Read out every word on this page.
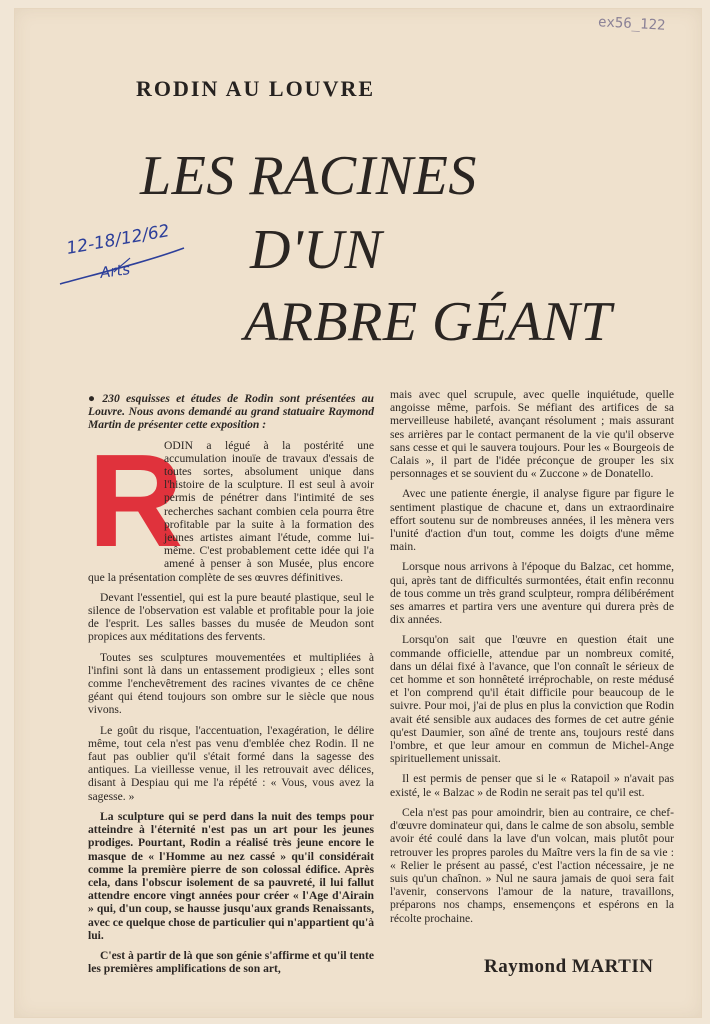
ex56_122
RODIN AU LOUVRE
LES RACINES
D'UN
ARBRE GÉANT
12-18/12/62
Arts

● 230 esquisses et études de Rodin sont présentées au Louvre. Nous avons demandé au grand statuaire Raymond Martin de présenter cette exposition :

R

ODIN a légué à la postérité une accumulation inouïe de travaux d'essais de toutes sortes, absolument unique dans l'histoire de la sculpture. Il est seul à avoir permis de pénétrer dans l'intimité de ses recherches sachant combien cela pourra être profitable par la suite à la formation des jeunes artistes aimant l'étude, comme lui-même. C'est probablement cette idée qui l'a amené à penser à son Musée, plus encore que la présentation complète de ses œuvres définitives.

Devant l'essentiel, qui est la pure beauté plastique, seul le silence de l'observation est valable et profitable pour la joie de l'esprit. Les salles basses du musée de Meudon sont propices aux méditations des fervents.

Toutes ses sculptures mouvementées et multipliées à l'infini sont là dans un entassement prodigieux ; elles sont comme l'enchevêtrement des racines vivantes de ce chêne géant qui étend toujours son ombre sur le siècle que nous vivons.

Le goût du risque, l'accentuation, l'exagération, le délire même, tout cela n'est pas venu d'emblée chez Rodin. Il ne faut pas oublier qu'il s'était formé dans la sagesse des antiques. La vieillesse venue, il les retrouvait avec délices, disant à Despiau qui me l'a répété : « Vous, vous avez la sagesse. »

La sculpture qui se perd dans la nuit des temps pour atteindre à l'éternité n'est pas un art pour les jeunes prodiges. Pourtant, Rodin a réalisé très jeune encore le masque de « l'Homme au nez cassé » qu'il considérait comme la première pierre de son colossal édifice. Après cela, dans l'obscur isolement de sa pauvreté, il lui fallut attendre encore vingt années pour créer « l'Age d'Airain » qui, d'un coup, se hausse jusqu'aux grands Renaissants, avec ce quelque chose de particulier qui n'appartient qu'à lui.

C'est à partir de là que son génie s'affirme et qu'il tente les premières amplifications de son art,

mais avec quel scrupule, avec quelle inquiétude, quelle angoisse même, parfois. Se méfiant des artifices de sa merveilleuse habileté, avançant résolument ; mais assurant ses arrières par le contact permanent de la vie qu'il observe sans cesse et qui le sauvera toujours. Pour les « Bourgeois de Calais », il part de l'idée préconçue de grouper les six personnages et se souvient du « Zuccone » de Donatello.

Avec une patiente énergie, il analyse figure par figure le sentiment plastique de chacune et, dans un extraordinaire effort soutenu sur de nombreuses années, il les mènera vers l'unité d'action d'un tout, comme les doigts d'une même main.

Lorsque nous arrivons à l'époque du Balzac, cet homme, qui, après tant de difficultés surmontées, était enfin reconnu de tous comme un très grand sculpteur, rompra délibérément ses amarres et partira vers une aventure qui durera près de dix années.

Lorsqu'on sait que l'œuvre en question était une commande officielle, attendue par un nombreux comité, dans un délai fixé à l'avance, que l'on connaît le sérieux de cet homme et son honnêteté irréprochable, on reste médusé et l'on comprend qu'il était difficile pour beaucoup de le suivre. Pour moi, j'ai de plus en plus la conviction que Rodin avait été sensible aux audaces des formes de cet autre génie qu'est Daumier, son aîné de trente ans, toujours resté dans l'ombre, et que leur amour en commun de Michel-Ange spirituellement unissait.

Il est permis de penser que si le « Ratapoil » n'avait pas existé, le « Balzac » de Rodin ne serait pas tel qu'il est.

Cela n'est pas pour amoindrir, bien au contraire, ce chef-d'œuvre dominateur qui, dans le calme de son absolu, semble avoir été coulé dans la lave d'un volcan, mais plutôt pour retrouver les propres paroles du Maître vers la fin de sa vie : « Relier le présent au passé, c'est l'action nécessaire, je ne suis qu'un chaînon. » Nul ne saura jamais de quoi sera fait l'avenir, conservons l'amour de la nature, travaillons, préparons nos champs, ensemençons et espérons en la récolte prochaine.

Raymond MARTIN
